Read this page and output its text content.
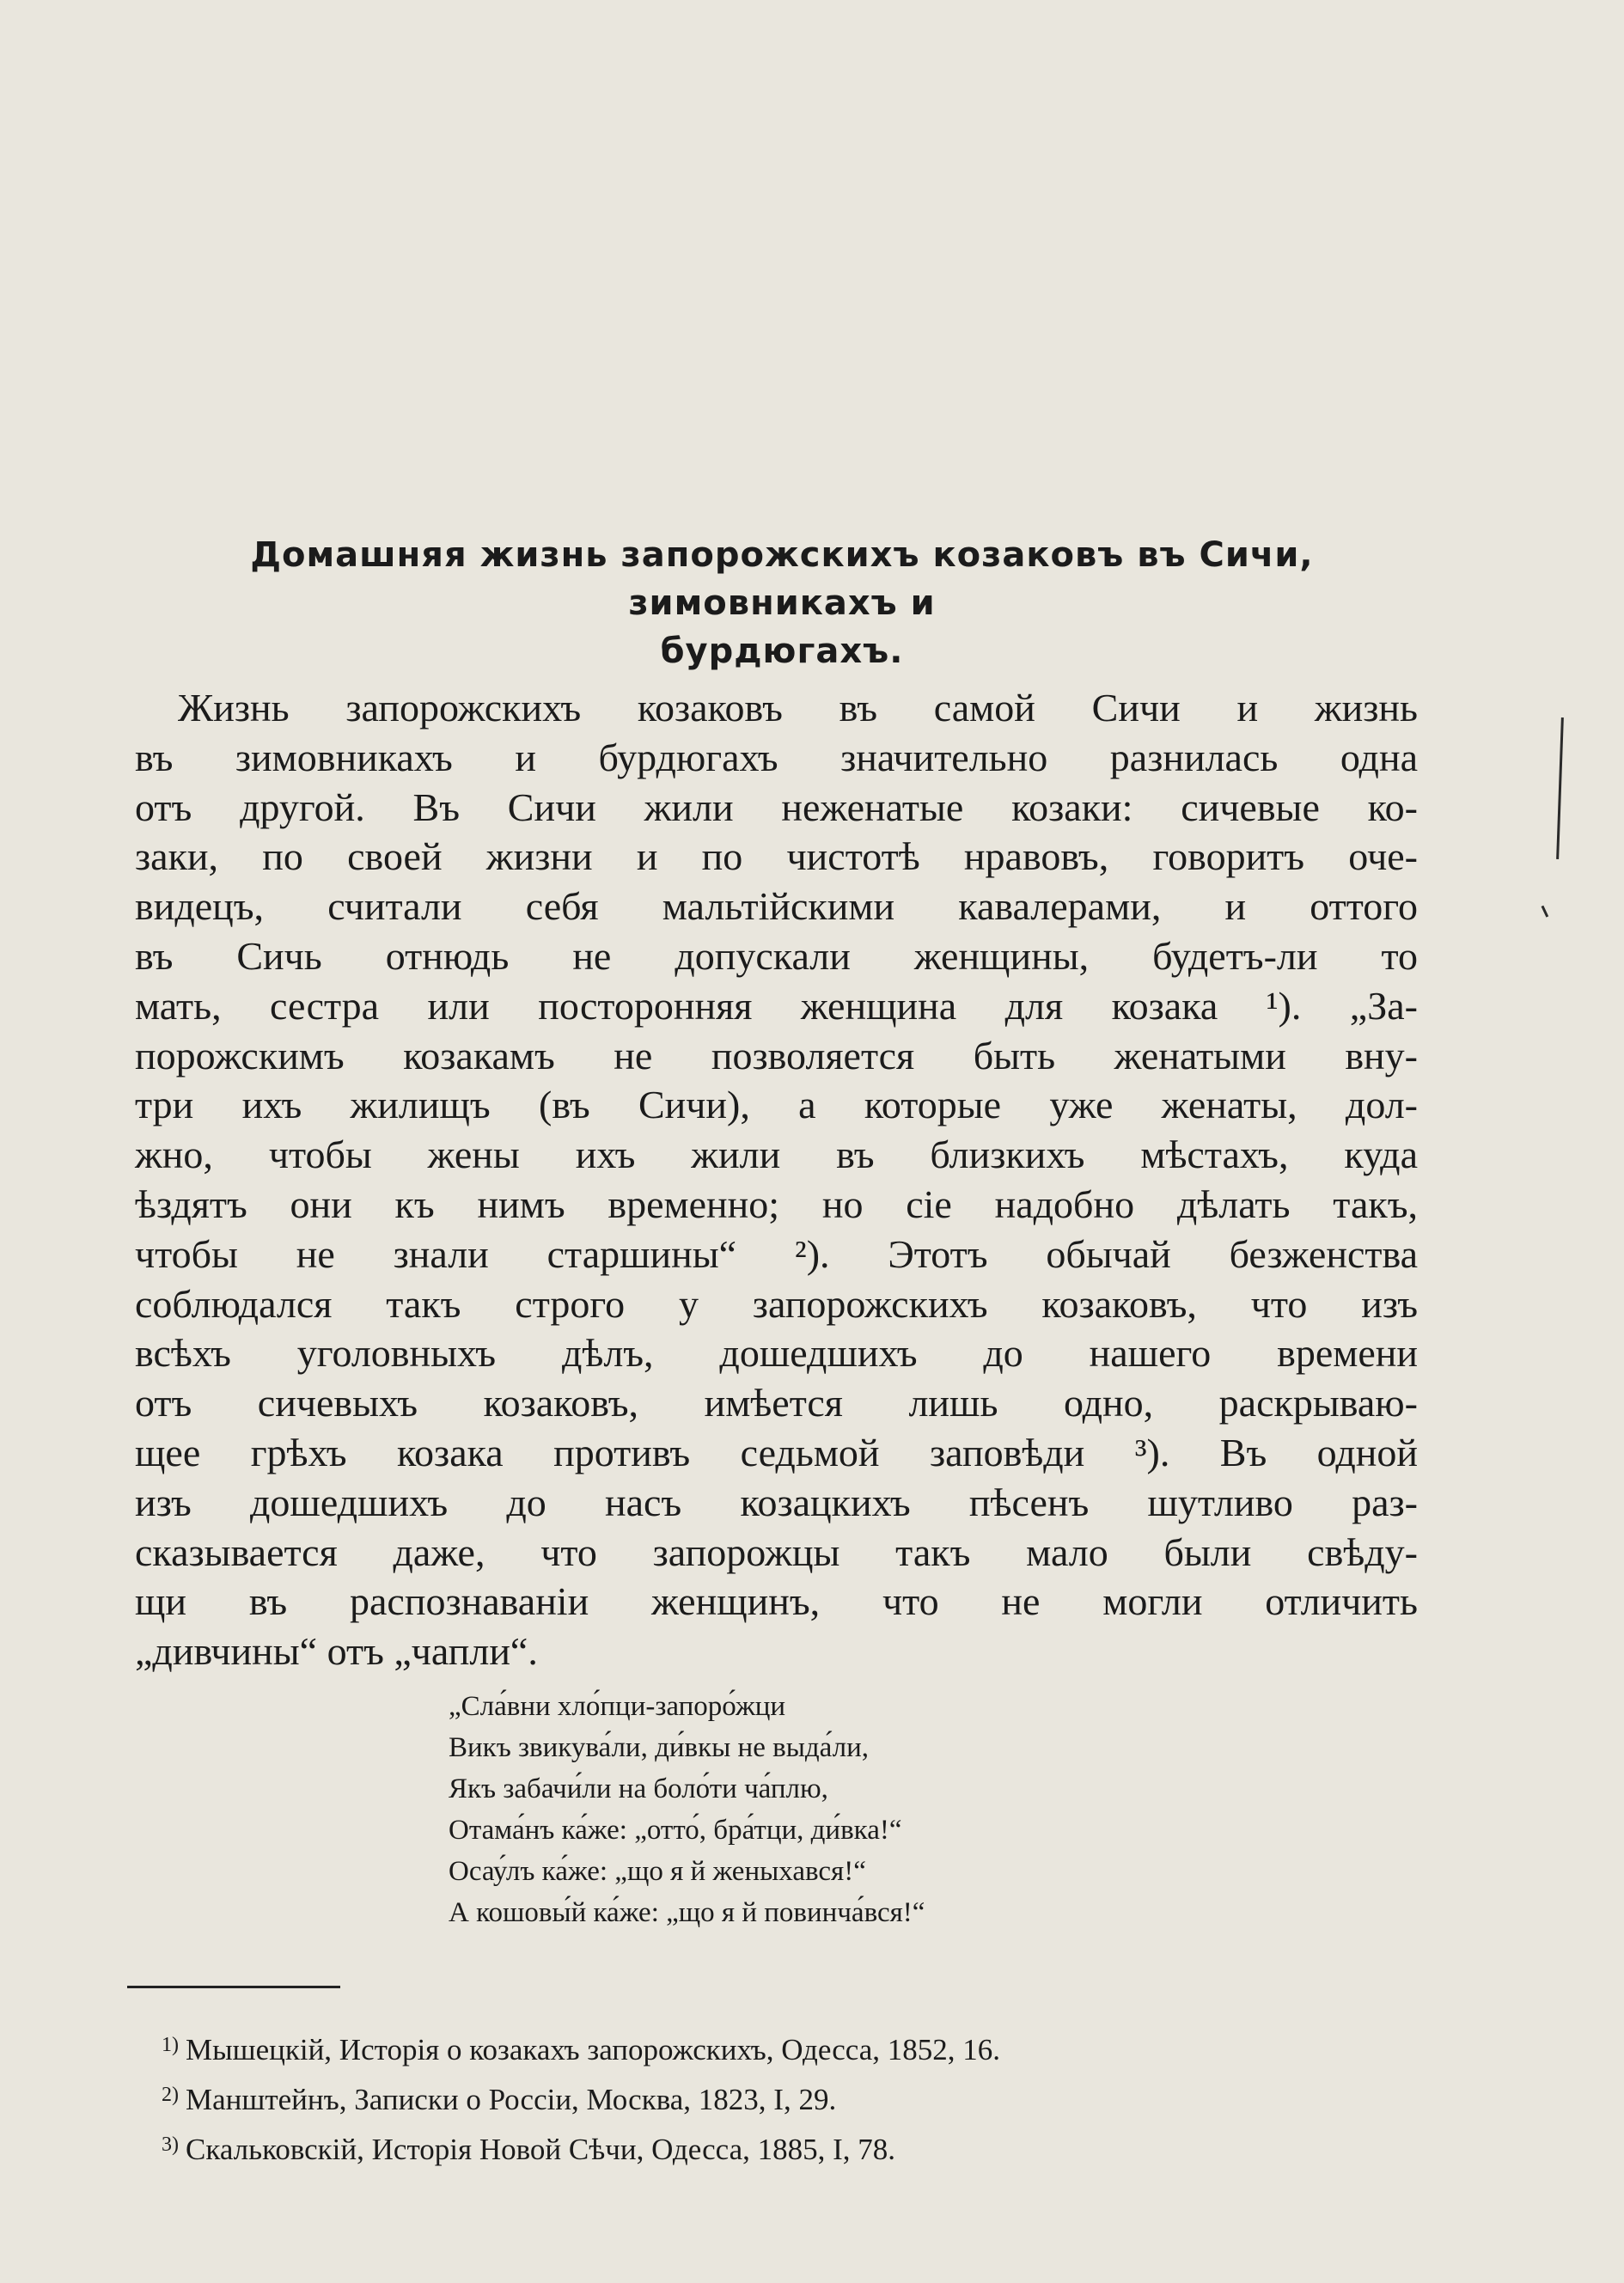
Домашняя жизнь запорожскихъ козаковъ въ Сичи, зимовникахъ и
бурдюгахъ.
Жизнь запорожскихъ козаковъ въ самой Сичи и жизнь
въ зимовникахъ и бурдюгахъ значительно разнилась одна
отъ другой. Въ Сичи жили неженатые козаки: сичевые ко-
заки, по своей жизни и по чистотѣ нравовъ, говоритъ оче-
видецъ, считали себя мальтійскими кавалерами, и оттого
въ Сичь отнюдь не допускали женщины, будетъ-ли то
мать, сестра или посторонняя женщина для козака ¹). „За-
порожскимъ козакамъ не позволяется быть женатыми вну-
три ихъ жилищъ (въ Сичи), а которые уже женаты, дол-
жно, чтобы жены ихъ жили въ близкихъ мѣстахъ, куда
ѣздятъ они къ нимъ временно; но сіе надобно дѣлать такъ,
чтобы не знали старшины“ ²). Этотъ обычай безженства
соблюдался такъ строго у запорожскихъ козаковъ, что изъ
всѣхъ уголовныхъ дѣлъ, дошедшихъ до нашего времени
отъ сичевыхъ козаковъ, имѣется лишь одно, раскрываю-
щее грѣхъ козака противъ седьмой заповѣди ³). Въ одной
изъ дошедшихъ до насъ козацкихъ пѣсенъ шутливо раз-
сказывается даже, что запорожцы такъ мало были свѣду-
щи въ распознаваніи женщинъ, что не могли отличить
„дивчины“ отъ „чапли“.
„Сла́вни хло́пци-запоро́жци
Викъ звикува́ли, ди́вкы не выда́ли,
Якъ забачи́ли на боло́ти ча́плю,
Отама́нъ ка́же: „отто́, бра́тци, ди́вка!“
Осау́лъ ка́же: „що я й женыхався!“
А кошовы́й ка́же: „що я й повинча́вся!“
$^{1)}$ Мышецкій, Исторія о козакахъ запорожскихъ, Одесса, 1852, 16.
$^{2)}$ Манштейнъ, Записки о Россіи, Москва, 1823, I, 29.
$^{3)}$ Скальковскій, Исторія Новой Сѣчи, Одесса, 1885, I, 78.
